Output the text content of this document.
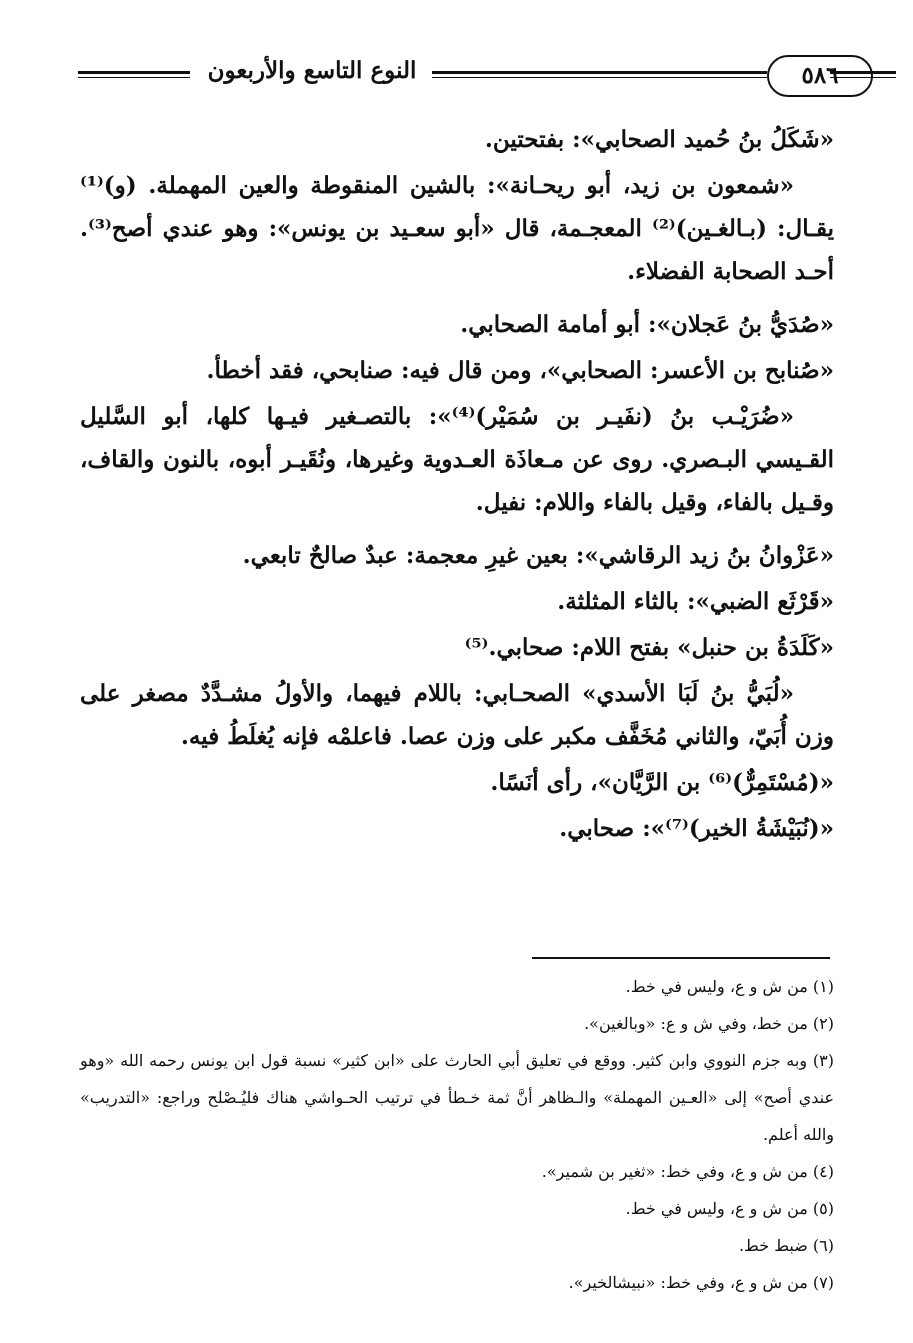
النوع التاسع والأربعون	٥٨٦

«شَكَلُ بنُ حُميد الصحابي»: بفتحتين.

«شمعون بن زيد، أبو ريحـانة»: بالشين المنقوطة والعين المهملة. (و)⁽¹⁾ يقـال: (بـالغـين)⁽²⁾ المعجـمة، قال «أبو سعـيد بن يونس»: وهو عندي أصح⁽³⁾. أحـد الصحابة الفضلاء.

«صُدَيُّ بنُ عَجلان»: أبو أمامة الصحابي.

«صُنابح بن الأعسر: الصحابي»، ومن قال فيه: صنابحي، فقد أخطأ.

«ضُرَيْـب بنُ (نفَيـر بن سُمَيْر)⁽⁴⁾»: بالتصـغير فيـها كلها، أبو السَّليل القـيسي البـصري. روى عن مـعاذَة العـدوية وغيرها، ونُقَيـر أبوه، بالنون والقاف، وقـيل بالفاء، وقيل بالفاء واللام: نفيل.

«عَزْوانُ بنُ زيد الرقاشي»: بعين غيرِ معجمة: عبدٌ صالحٌ تابعي.

«قَرْثَع الضبي»: بالثاء المثلثة.

«كَلَدَةُ بن حنبل» بفتح اللام: صحابي.⁽⁵⁾

«لُبَيُّ بنُ لَبَا الأسدي» الصحـابي: باللام فيهما، والأولُ مشـدَّدٌ مصغر على وزن أُبَيّ، والثاني مُخَفَّف مكبر على وزن عصا. فاعلمْه فإنه يُغلَطُ فيه.

«(مُسْتَمِرٌّ)⁽⁶⁾ بن الرَّيَّان»، رأى أنَسًا.

«(نُبَيْشَةُ الخير)⁽⁷⁾»: صحابي.

(١) من ش و ع، وليس في خط.

(٢) من خط، وفي ش و ع: «وبالغين».

(٣) وبه جزم النووي وابن كثير. ووقع في تعليق أبي الحارث على «ابن كثير» نسبة قول ابن يونس رحمه الله «وهو عندي أصح» إلى «العـين المهملة» والـظاهر أنَّ ثمة خـطأ في ترتيب الحـواشي هناك فليُـصْلح وراجع: «التدريب» والله أعلم.

(٤) من ش و ع، وفي خط: «ثغير بن شمير».

(٥) من ش و ع، وليس في خط.

(٦) ضبط خط.

(٧) من ش و ع، وفي خط: «نبيشالخير».
